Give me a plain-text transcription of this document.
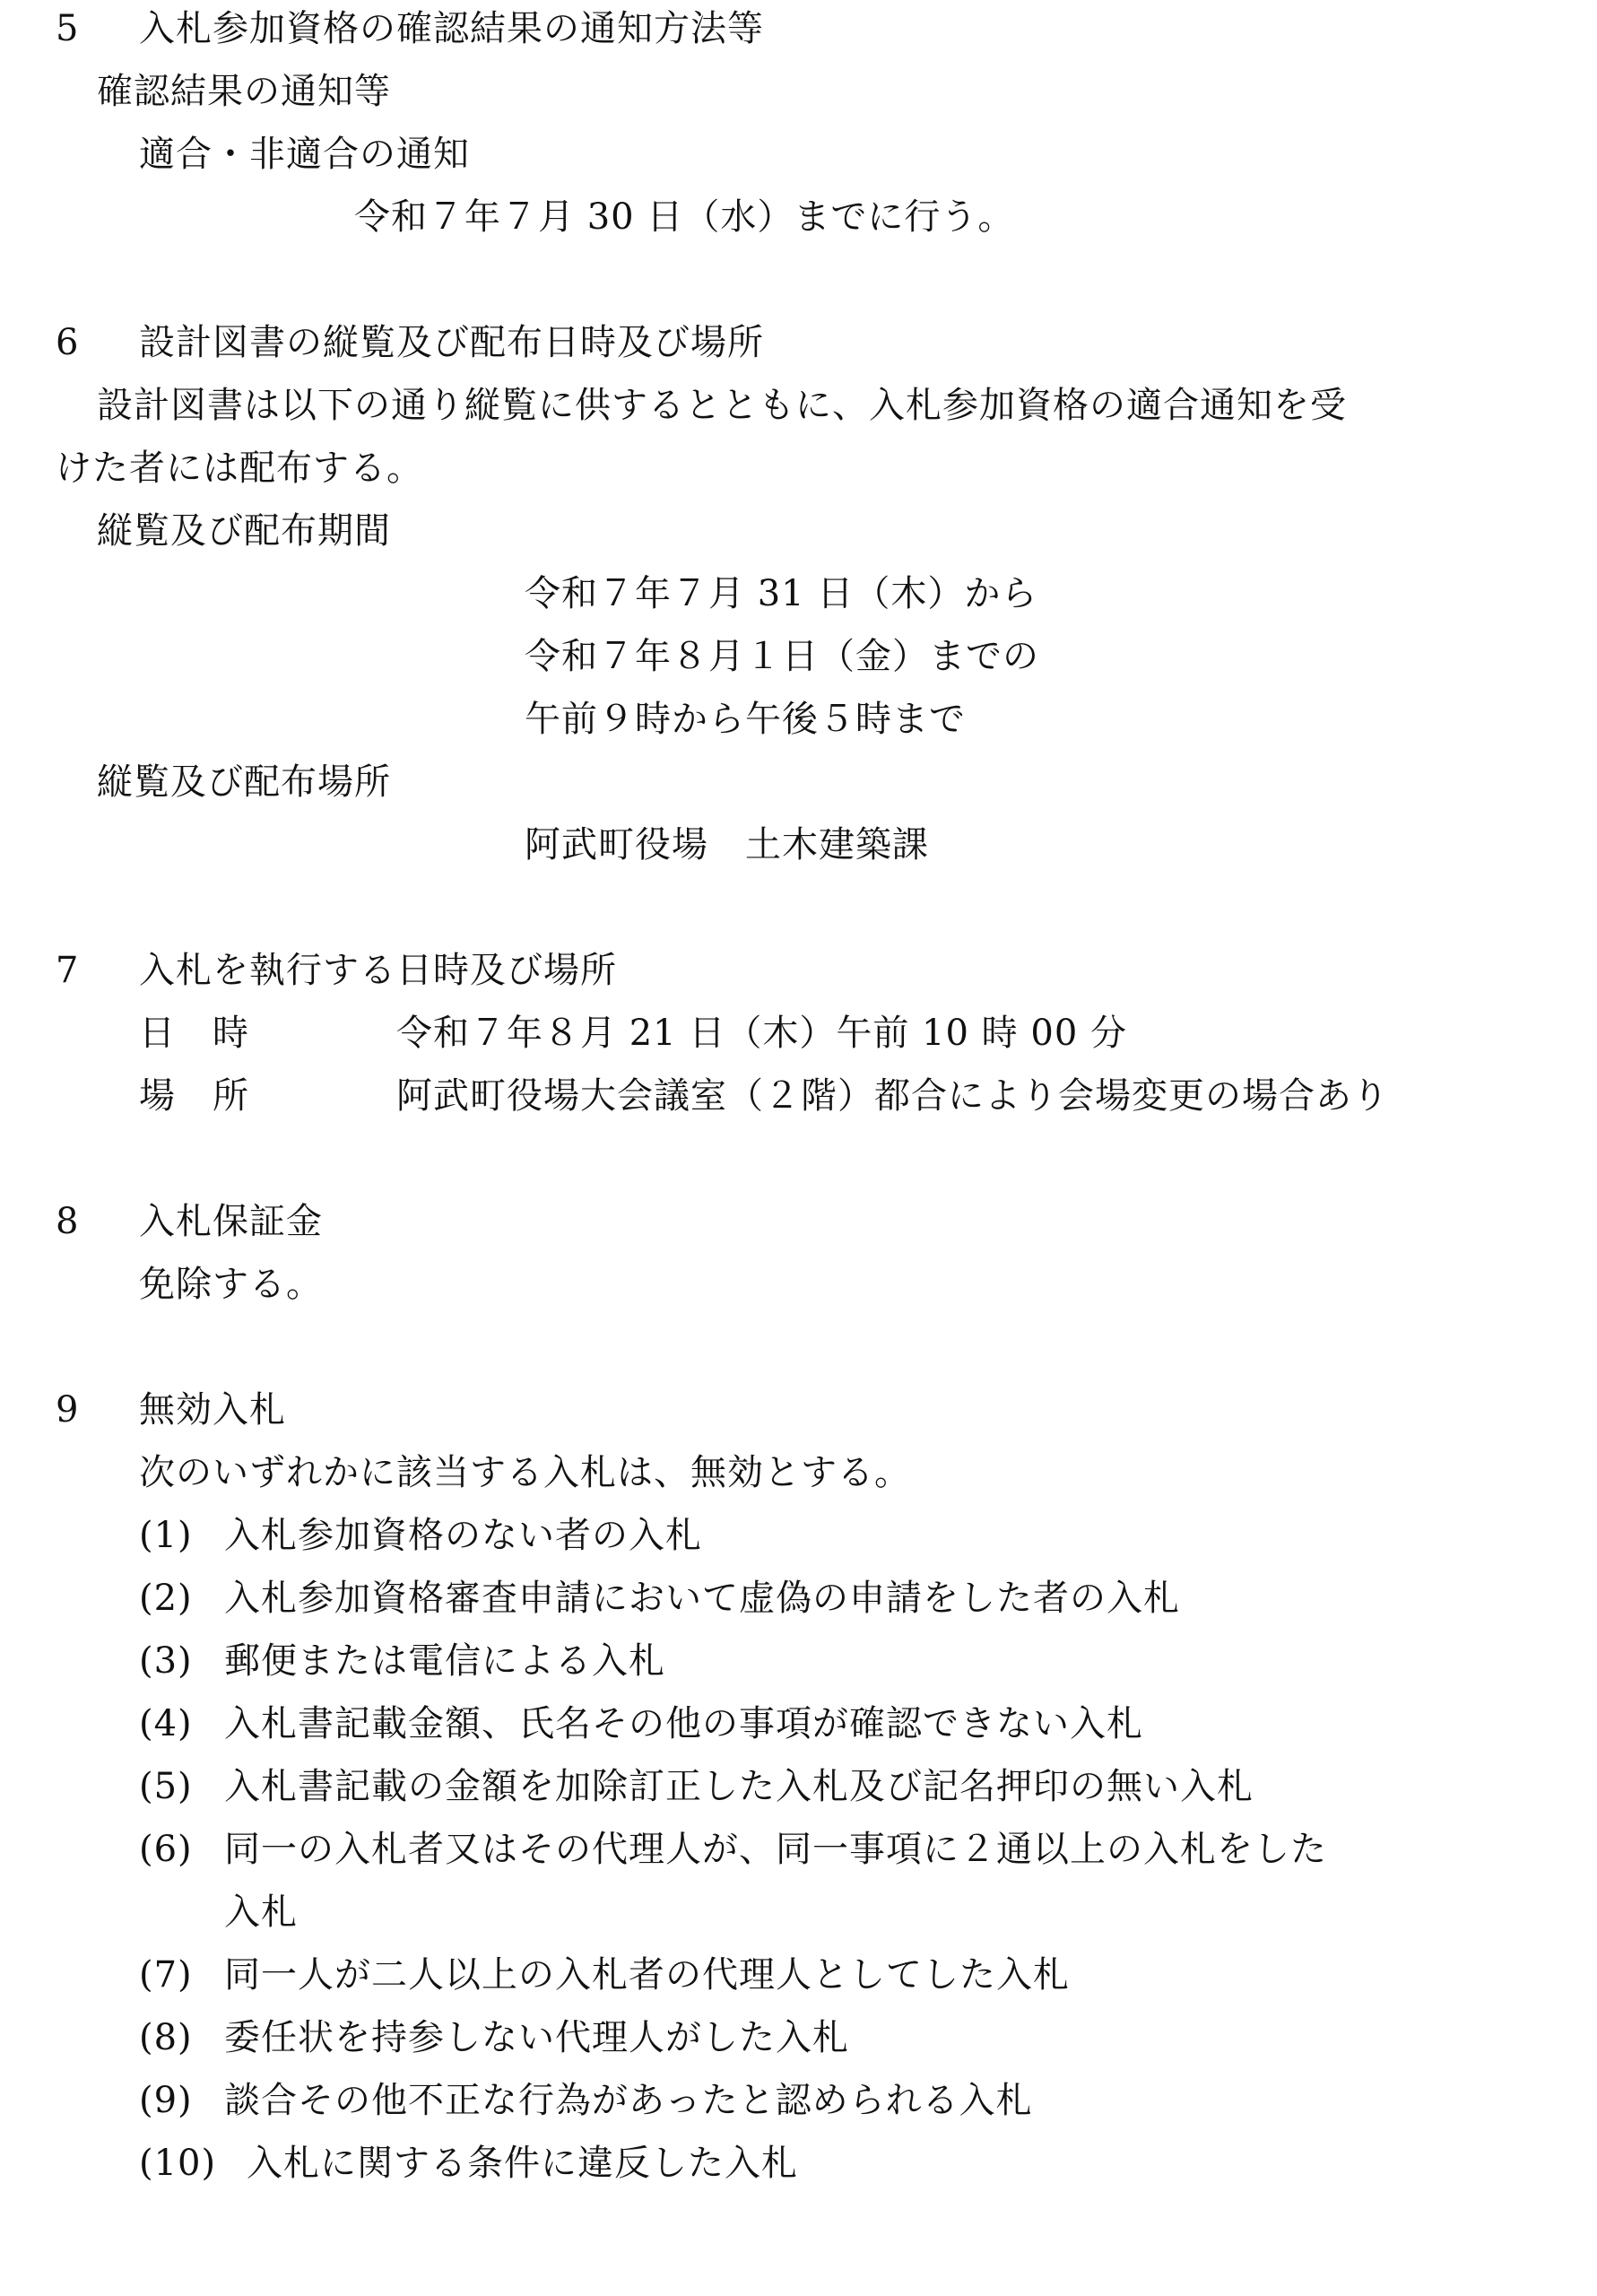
5 入札参加資格の確認結果の通知方法等
確認結果の通知等
適合・非適合の通知
令和７年７月 30 日（水）までに行う。
6 設計図書の縦覧及び配布日時及び場所
設計図書は以下の通り縦覧に供するとともに、入札参加資格の適合通知を受
けた者には配布する。
縦覧及び配布期間
令和７年７月 31 日（木）から
令和７年８月１日（金）までの
午前９時から午後５時まで
縦覧及び配布場所
阿武町役場　土木建築課
7 入札を執行する日時及び場所
日　時	令和７年８月 21 日（木）午前 10 時 00 分
場　所	阿武町役場大会議室（２階）都合により会場変更の場合あり
8 入札保証金
免除する。
9 無効入札
次のいずれかに該当する入札は、無効とする。
(1) 入札参加資格のない者の入札
(2) 入札参加資格審査申請において虚偽の申請をした者の入札
(3) 郵便または電信による入札
(4) 入札書記載金額、氏名その他の事項が確認できない入札
(5) 入札書記載の金額を加除訂正した入札及び記名押印の無い入札
(6) 同一の入札者又はその代理人が、同一事項に２通以上の入札をした
入札
(7) 同一人が二人以上の入札者の代理人としてした入札
(8) 委任状を持参しない代理人がした入札
(9) 談合その他不正な行為があったと認められる入札
(10) 入札に関する条件に違反した入札
